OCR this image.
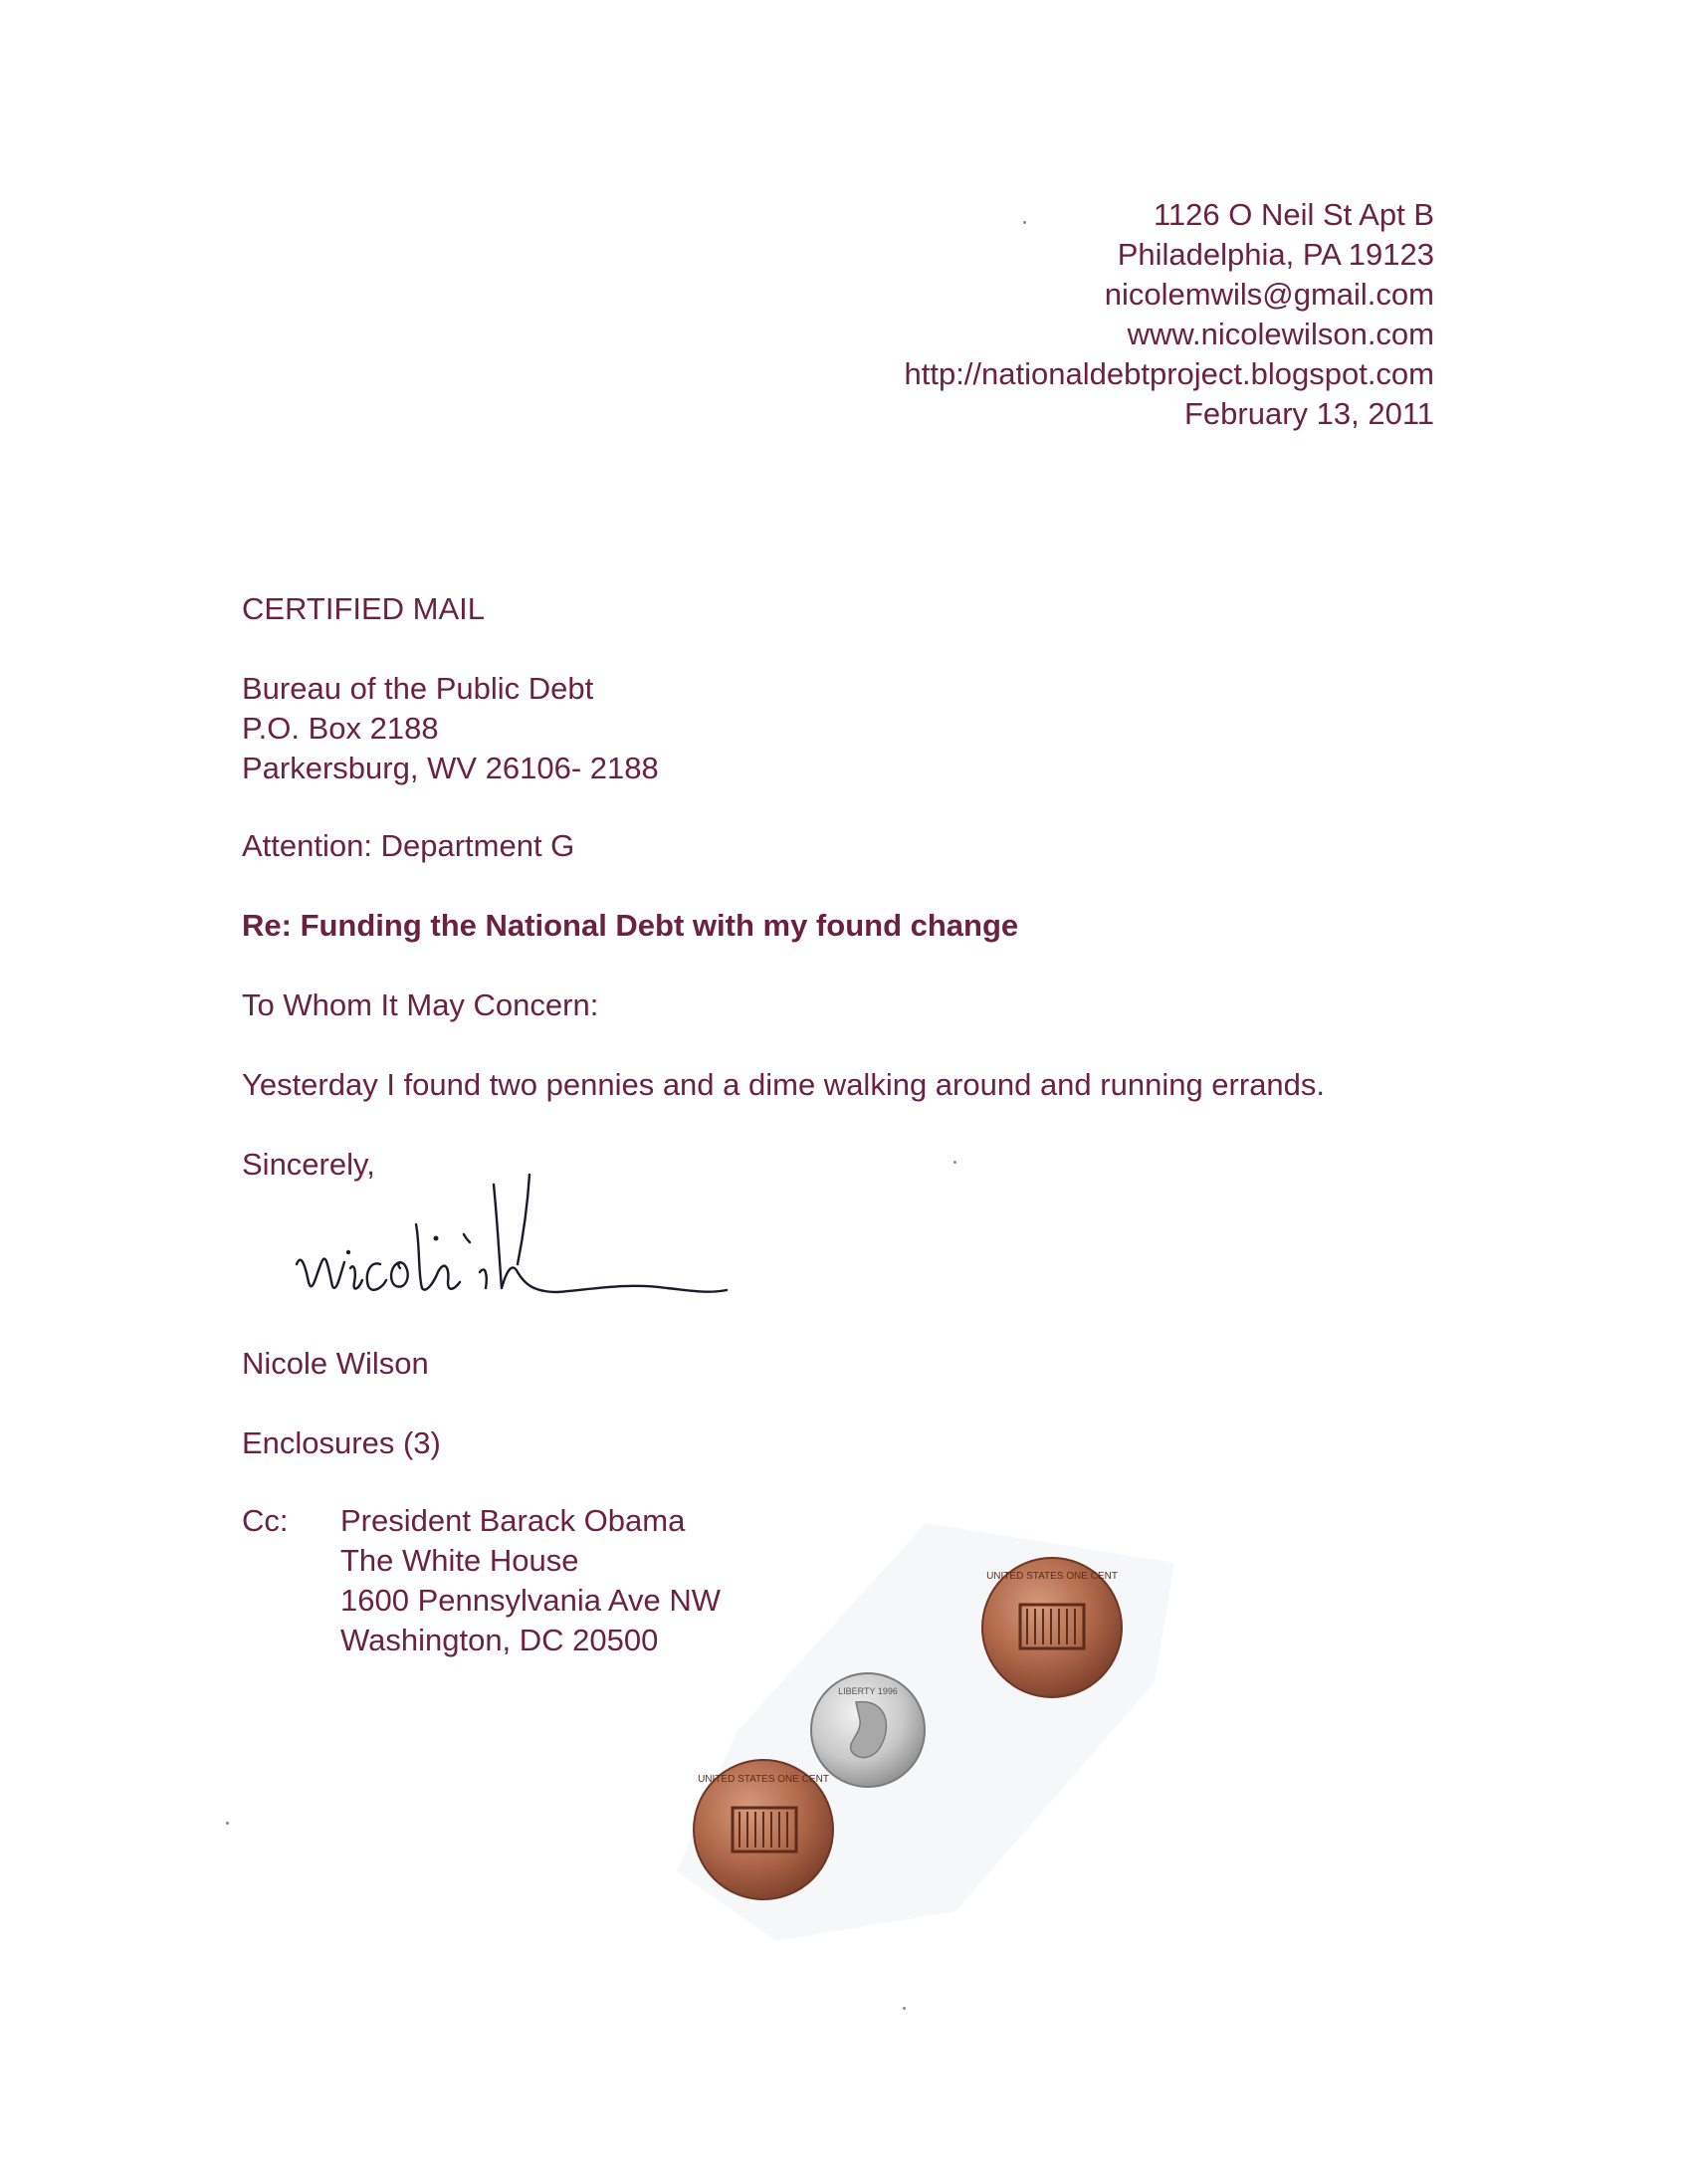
1126 O Neil St Apt B
Philadelphia, PA 19123
nicolemwils@gmail.com
www.nicolewilson.com
http://nationaldebtproject.blogspot.com
February 13, 2011
CERTIFIED MAIL
Bureau of the Public Debt
P.O. Box 2188
Parkersburg, WV 26106- 2188
Attention: Department G
Re: Funding the National Debt with my found change
To Whom It May Concern:
Yesterday I found two pennies and a dime walking around and running errands.
Sincerely,
Nicole Wilson
Enclosures (3)
Cc:	President Barack Obama
The White House
1600 Pennsylvania Ave NW
Washington, DC 20500
UNITED STATES ONE CENT
LIBERTY 1996
UNITED STATES ONE CENT
